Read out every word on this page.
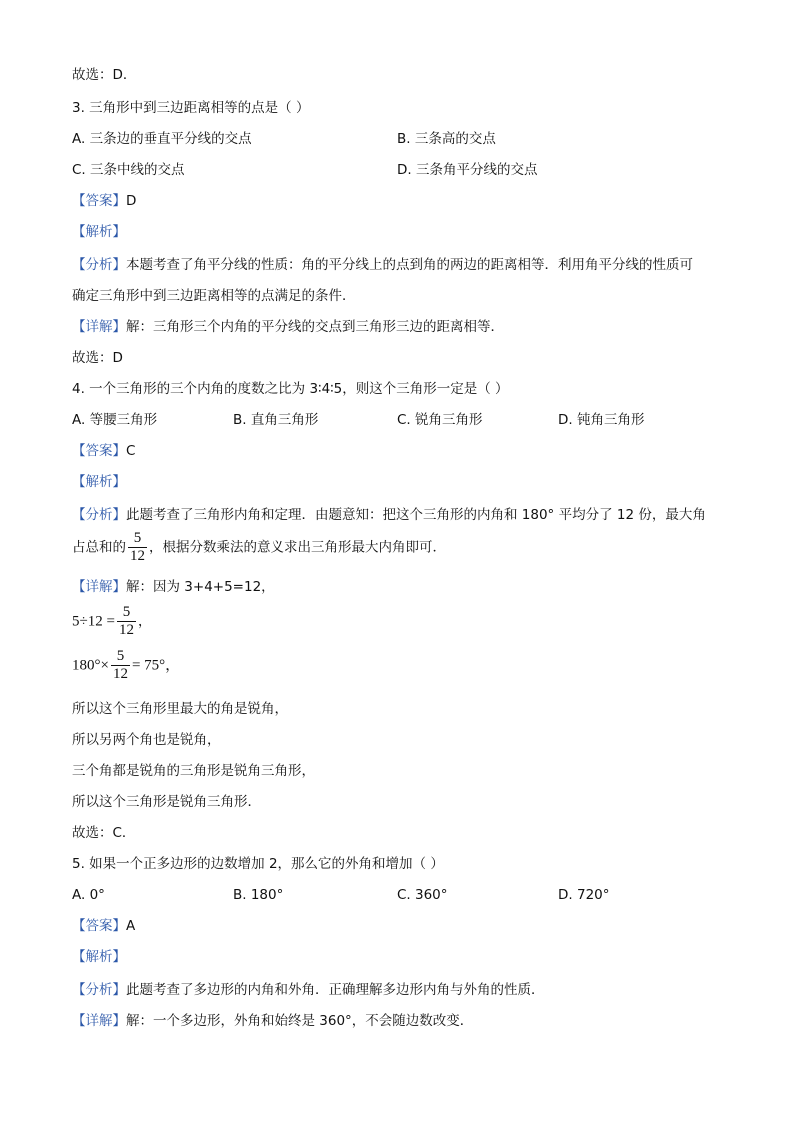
故选：D．
3. 三角形中到三边距离相等的点是（ ）
A. 三条边的垂直平分线的交点	B. 三条高的交点
C. 三条中线的交点	D. 三条角平分线的交点
【答案】D
【解析】
【分析】本题考查了角平分线的性质：角的平分线上的点到角的两边的距离相等．利用角平分线的性质可
确定三角形中到三边距离相等的点满足的条件．
【详解】解：三角形三个内角的平分线的交点到三角形三边的距离相等．
故选：D
4. 一个三角形的三个内角的度数之比为 3∶4∶5，则这个三角形一定是（ ）
A. 等腰三角形	B. 直角三角形	C. 锐角三角形	D. 钝角三角形
【答案】C
【解析】
【分析】此题考查了三角形内角和定理．由题意知：把这个三角形的内角和 180° 平均分了 12 份，最大角
占总和的 $\frac{5}{12}$ ，根据分数乘法的意义求出三角形最大内角即可．
【详解】解：因为 3+4+5=12，
$5\div 12 = \frac{5}{12}$ ，
$180^\circ\times \frac{5}{12} = 75^\circ$，
所以这个三角形里最大的角是锐角，
所以另两个角也是锐角，
三个角都是锐角的三角形是锐角三角形，
所以这个三角形是锐角三角形．
故选：C．
5. 如果一个正多边形的边数增加 2，那么它的外角和增加（ ）
A. 0°	B. 180°	C. 360°	D. 720°
【答案】A
【解析】
【分析】此题考查了多边形的内角和外角．正确理解多边形内角与外角的性质．
【详解】解：一个多边形，外角和始终是 360°，不会随边数改变．
